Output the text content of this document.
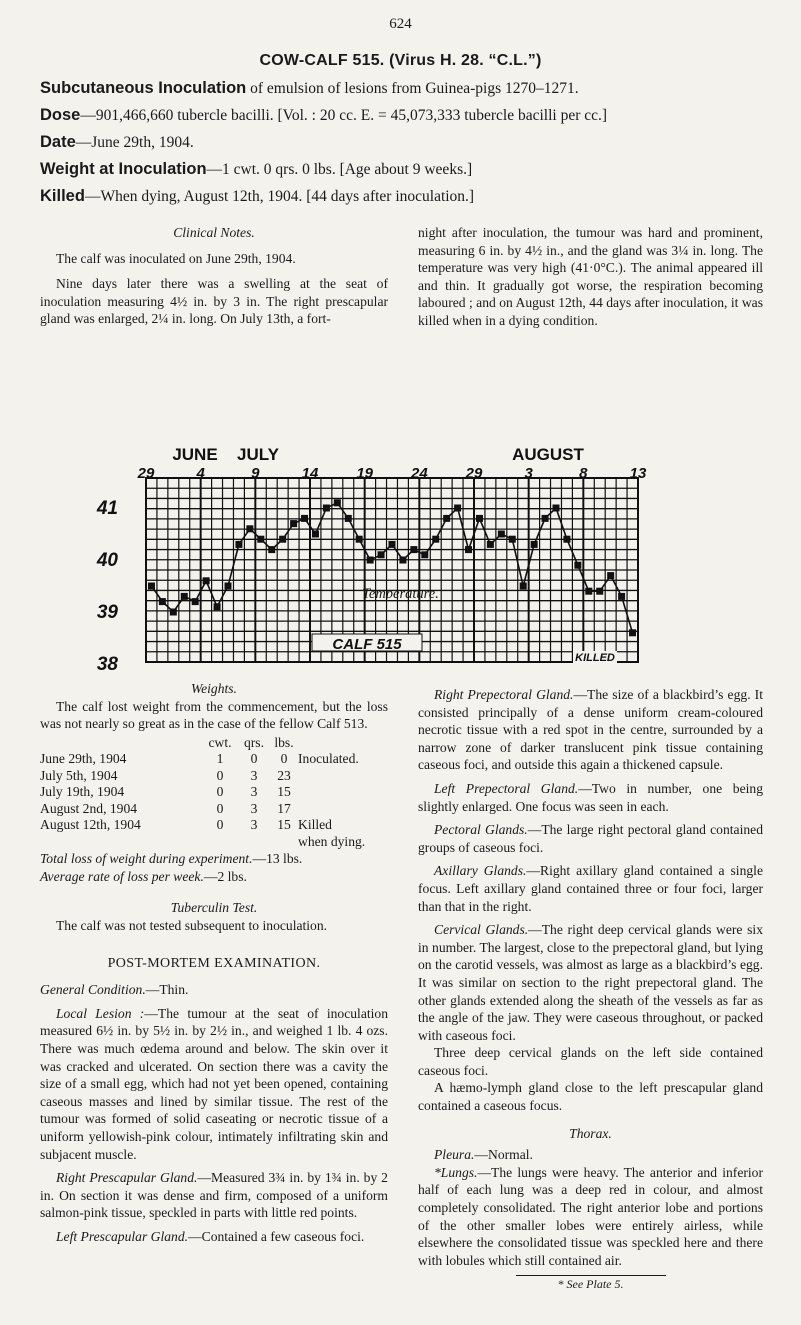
624
COW-CALF 515. (Virus H. 28. “C.L.”)
Subcutaneous Inoculation of emulsion of lesions from Guinea-pigs 1270–1271.
Dose—901,466,660 tubercle bacilli. [Vol. : 20 cc. E. = 45,073,333 tubercle bacilli per cc.]
Date—June 29th, 1904.
Weight at Inoculation—1 cwt. 0 qrs. 0 lbs. [Age about 9 weeks.]
Killed—When dying, August 12th, 1904. [44 days after inoculation.]

Clinical Notes.

The calf was inoculated on June 29th, 1904.

Nine days later there was a swelling at the seat of inoculation measuring 4½ in. by 3 in. The right prescapular gland was enlarged, 2¼ in. long. On July 13th, a fort-

night after inoculation, the tumour was hard and prominent, measuring 6 in. by 4½ in., and the gland was 3¼ in. long. The temperature was very high (41·0°C.). The animal appeared ill and thin. It gradually got worse, the respiration becoming laboured ; and on August 12th, 44 days after inoculation, it was killed when in a dying condition.

Temperature.
JUNE JULY	AUGUST
29	4	9	14	19	24	29	3	8	13
41
40
39
38
CALF 515
KILLED

Weights.

The calf lost weight from the commencement, but the loss was not nearly so great as in the case of the fellow Calf 513.

	cwt.	qrs.	lbs.	
June 29th, 1904	1	0	0	Inoculated.
July 5th, 1904	0	3	23	
July 19th, 1904	0	3	15	
August 2nd, 1904	0	3	17	
August 12th, 1904	0	3	15	Killed
				when dying.

Total loss of weight during experiment.—13 lbs.

Average rate of loss per week.—2 lbs.

Tuberculin Test.

The calf was not tested subsequent to inoculation.

POST-MORTEM EXAMINATION.

General Condition.—Thin.

Local Lesion :—The tumour at the seat of inoculation measured 6½ in. by 5½ in. by 2½ in., and weighed 1 lb. 4 ozs. There was much œdema around and below. The skin over it was cracked and ulcerated. On section there was a cavity the size of a small egg, which had not yet been opened, containing caseous masses and lined by similar tissue. The rest of the tumour was formed of solid caseating or necrotic tissue of a uniform yellowish-pink colour, intimately infiltrating skin and subjacent muscle.

Right Prescapular Gland.—Measured 3¾ in. by 1¾ in. by 2 in. On section it was dense and firm, composed of a uniform salmon-pink tissue, speckled in parts with little red points.

Left Prescapular Gland.—Contained a few caseous foci.

Right Prepectoral Gland.—The size of a blackbird’s egg. It consisted principally of a dense uniform cream-coloured necrotic tissue with a red spot in the centre, surrounded by a narrow zone of darker translucent pink tissue containing caseous foci, and outside this again a thickened capsule.

Left Prepectoral Gland.—Two in number, one being slightly enlarged. One focus was seen in each.

Pectoral Glands.—The large right pectoral gland contained groups of caseous foci.

Axillary Glands.—Right axillary gland contained a single focus. Left axillary gland contained three or four foci, larger than that in the right.

Cervical Glands.—The right deep cervical glands were six in number. The largest, close to the prepectoral gland, but lying on the carotid vessels, was almost as large as a blackbird’s egg. It was similar on section to the right prepectoral gland. The other glands extended along the sheath of the vessels as far as the angle of the jaw. They were caseous throughout, or packed with caseous foci.

Three deep cervical glands on the left side contained caseous foci.

A hæmo-lymph gland close to the left prescapular gland contained a caseous focus.

Thorax.

Pleura.—Normal.

*Lungs.—The lungs were heavy. The anterior and inferior half of each lung was a deep red in colour, and almost completely consolidated. The right anterior lobe and portions of the other smaller lobes were entirely airless, while elsewhere the consolidated tissue was speckled here and there with lobules which still contained air.

* See Plate 5.
